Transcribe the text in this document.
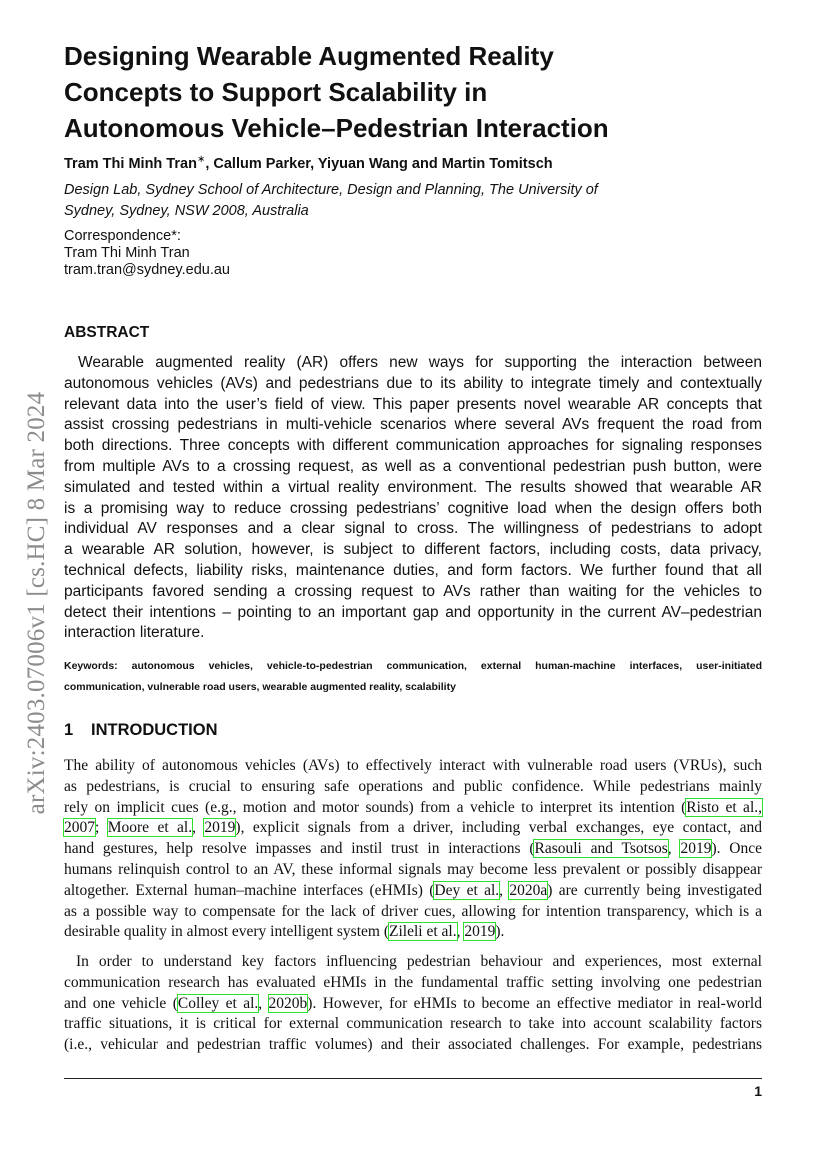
arXiv:2403.07006v1 [cs.HC] 8 Mar 2024
Designing Wearable Augmented Reality
Concepts to Support Scalability in
Autonomous Vehicle–Pedestrian Interaction
Tram Thi Minh Tran∗, Callum Parker, Yiyuan Wang and Martin Tomitsch
Design Lab, Sydney School of Architecture, Design and Planning, The University of
Sydney, Sydney, NSW 2008, Australia
Correspondence*:
Tram Thi Minh Tran
tram.tran@sydney.edu.au
ABSTRACT
Wearable augmented reality (AR) offers new ways for supporting the interaction between
autonomous vehicles (AVs) and pedestrians due to its ability to integrate timely and contextually
relevant data into the user’s field of view. This paper presents novel wearable AR concepts that
assist crossing pedestrians in multi-vehicle scenarios where several AVs frequent the road from
both directions. Three concepts with different communication approaches for signaling responses
from multiple AVs to a crossing request, as well as a conventional pedestrian push button, were
simulated and tested within a virtual reality environment. The results showed that wearable AR
is a promising way to reduce crossing pedestrians’ cognitive load when the design offers both
individual AV responses and a clear signal to cross. The willingness of pedestrians to adopt
a wearable AR solution, however, is subject to different factors, including costs, data privacy,
technical defects, liability risks, maintenance duties, and form factors. We further found that all
participants favored sending a crossing request to AVs rather than waiting for the vehicles to
detect their intentions – pointing to an important gap and opportunity in the current AV–pedestrian
interaction literature.
Keywords: autonomous vehicles, vehicle-to-pedestrian communication, external human-machine interfaces, user-initiated
communication, vulnerable road users, wearable augmented reality, scalability
1 INTRODUCTION
The ability of autonomous vehicles (AVs) to effectively interact with vulnerable road users (VRUs), such
as pedestrians, is crucial to ensuring safe operations and public confidence. While pedestrians mainly
rely on implicit cues (e.g., motion and motor sounds) from a vehicle to interpret its intention (Risto et al.,
2007; Moore et al., 2019), explicit signals from a driver, including verbal exchanges, eye contact, and
hand gestures, help resolve impasses and instil trust in interactions (Rasouli and Tsotsos, 2019). Once
humans relinquish control to an AV, these informal signals may become less prevalent or possibly disappear
altogether. External human–machine interfaces (eHMIs) (Dey et al., 2020a) are currently being investigated
as a possible way to compensate for the lack of driver cues, allowing for intention transparency, which is a
desirable quality in almost every intelligent system (Zileli et al., 2019).
In order to understand key factors influencing pedestrian behaviour and experiences, most external
communication research has evaluated eHMIs in the fundamental traffic setting involving one pedestrian
and one vehicle (Colley et al., 2020b). However, for eHMIs to become an effective mediator in real-world
traffic situations, it is critical for external communication research to take into account scalability factors
(i.e., vehicular and pedestrian traffic volumes) and their associated challenges. For example, pedestrians
1
